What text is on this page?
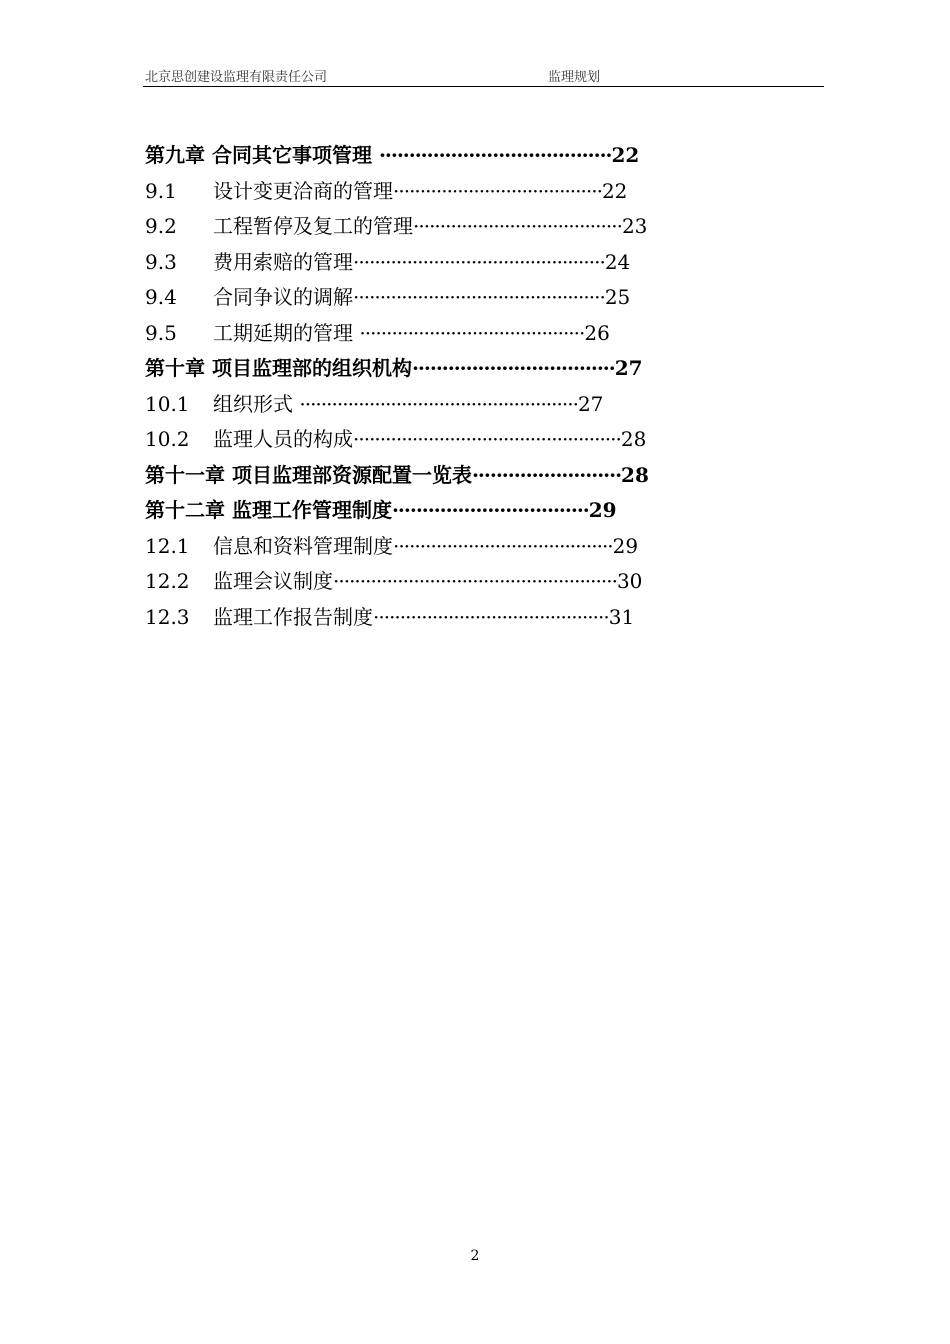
北京思创建设监理有限责任公司	监理规划
第九章 合同其它事项管理 ·······································22
9.1 设计变更洽商的管理·······································22
9.2 工程暂停及复工的管理·······································23
9.3 费用索赔的管理···············································24
9.4 合同争议的调解···············································25
9.5 工期延期的管理 ··········································26
第十章 项目监理部的组织机构··································27
10.1 组织形式 ····················································27
10.2 监理人员的构成··················································28
第十一章 项目监理部资源配置一览表·························28
第十二章 监理工作管理制度·································29
12.1 信息和资料管理制度·········································29
12.2 监理会议制度·····················································30
12.3 监理工作报告制度············································31
2
